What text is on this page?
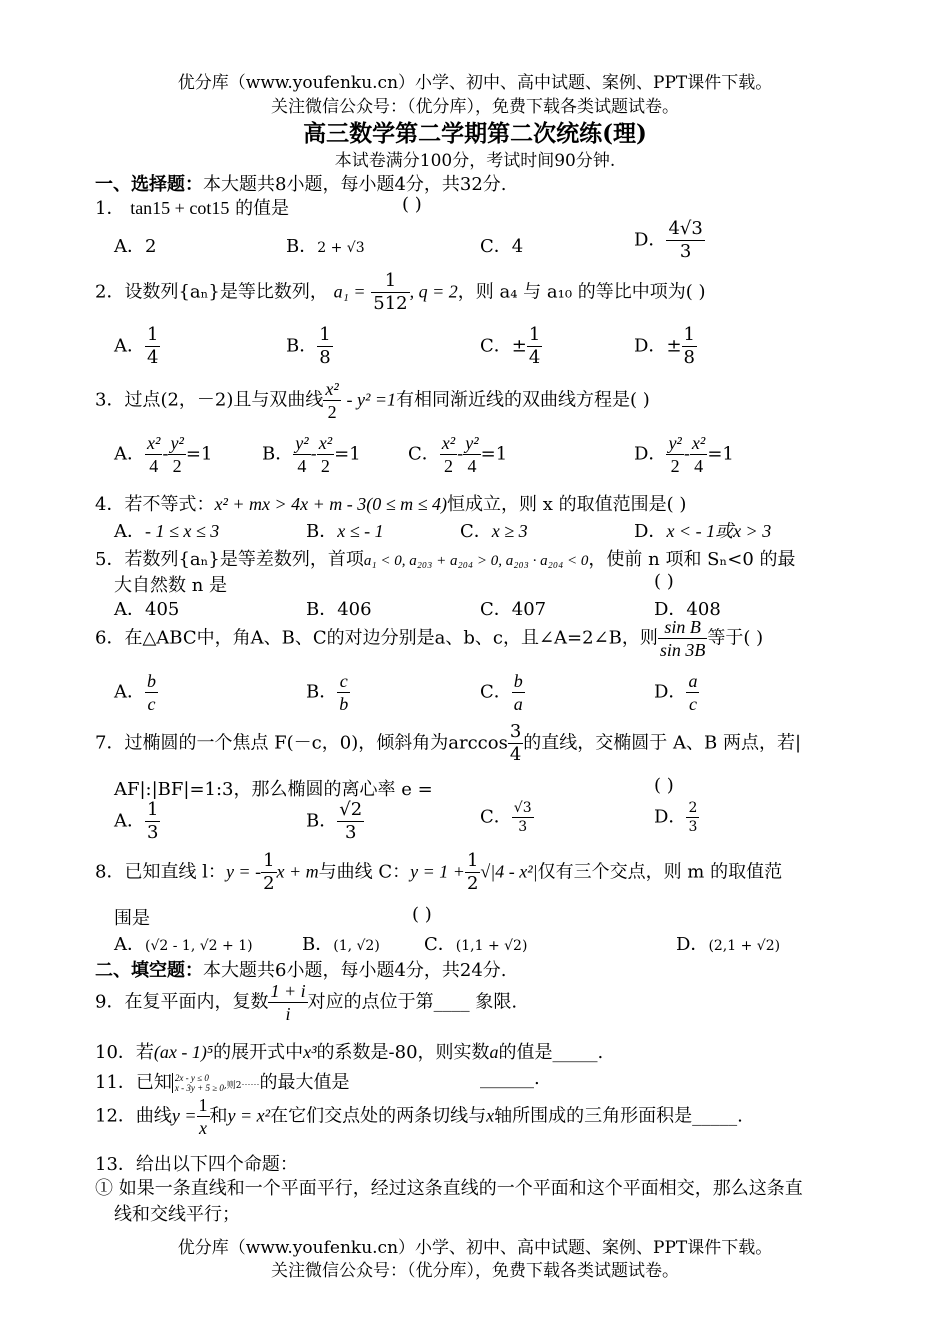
优分库（www.youfenku.cn）小学、初中、高中试题、案例、PPT课件下载。
关注微信公众号：（优分库），免费下载各类试题试卷。
高三数学第二学期第二次统练(理)
本试卷满分100分，考试时间90分钟.
一、选择题：本大题共8小题，每小题4分，共32分.
1． tan15 + cot15 的值是	( )
A．2	B．2 + √3	C．4	D． $\frac{4√3}{3}$
2．设数列{aₙ}是等比数列， $a_1 = \frac{1}{512}$ , q = 2，则 a₄ 与 a₁₀ 的等比中项为( )
A． $\frac{1}{4}$	B． $\frac{1}{8}$	C．± $\frac{1}{4}$	D．± $\frac{1}{8}$
3．过点(2，－2)且与双曲线 $\frac{\text{x²}}{2} - y^2 =1$有相同渐近线的双曲线方程是( )
A． $\frac{\text{x²}}{4} - \frac{\text{y²}}{2} =1$	B． $\frac{\text{y²}}{4} - \frac{\text{x²}}{2} =1$	C． $\frac{\text{x²}}{2} - \frac{\text{y²}}{4} =1$	D． $\frac{\text{y²}}{2} - \frac{\text{x²}}{4} =1$
4．若不等式：x² + mx > 4x + m - 3(0 ≤ m ≤ 4)恒成立，则 x 的取值范围是( )
A．- 1 ≤ x ≤ 3	B．x ≤ - 1	C．x ≥ 3	D．x < - 1或x > 3
5．若数列{aₙ}是等差数列，首项a₁ < 0, a₂₀₃ + a₂₀₄ > 0, a₂₀₃ · a₂₀₄ < 0，使前 n 项和 Sₙ<0 的最
大自然数 n 是	( )
A．405	B．406	C．407	D．408
6．在△ABC中，角A、B、C的对边分别是a、b、c，且∠A=2∠B，则 $\frac{\text{sin B}}{\sin 3B}$ 等于( )
A． $\frac{b}{c}$	B． $\frac{c}{b}$	C． $\frac{b}{a}$	D． $\frac{a}{c}$
7．过椭圆的一个焦点 F(－c，0)，倾斜角为$\arccos \frac{3}{4}$ 的直线，交椭圆于 A、B 两点，若|
AF|:|BF|=1:3，那么椭圆的离心率 e =	( )
A． $\frac{1}{3}$	B． $\frac{√2}{3}$	C． $\frac{√3}{3}$	D． $\frac{2}{3}$
8．已知直线 l：y = - $\frac{1}{2}$ x + m与曲线 C：$y = 1 + \frac{1}{2} √|4 - x^2|$仅有三个交点，则 m 的取值范
围是	( )
A．(√2 - 1, √2 + 1)	B．(1, √2) C．(1,1 + √2)	D．(2,1 + √2)
二、填空题：本大题共6小题，每小题4分，共24分.
9．在复平面内，复数 $\frac{1 + i}{i}$ 对应的点位于第____ 象限.
10．若(ax - 1)⁵的展开式中x³的系数是-80，则实数a的值是_____.
11．已知 2x - y ≤ 0
x - 3y + 5 ≥ 0 ,则2⋯⋯的最大值是	______.
12．曲线$y = \frac{1}{x}$ 和y = x²在它们交点处的两条切线与x轴所围成的三角形面积是_____.
13．给出以下四个命题：
① 如果一条直线和一个平面平行，经过这条直线的一个平面和这个平面相交，那么这条直
线和交线平行；
优分库（www.youfenku.cn）小学、初中、高中试题、案例、PPT课件下载。
关注微信公众号：（优分库），免费下载各类试题试卷。
